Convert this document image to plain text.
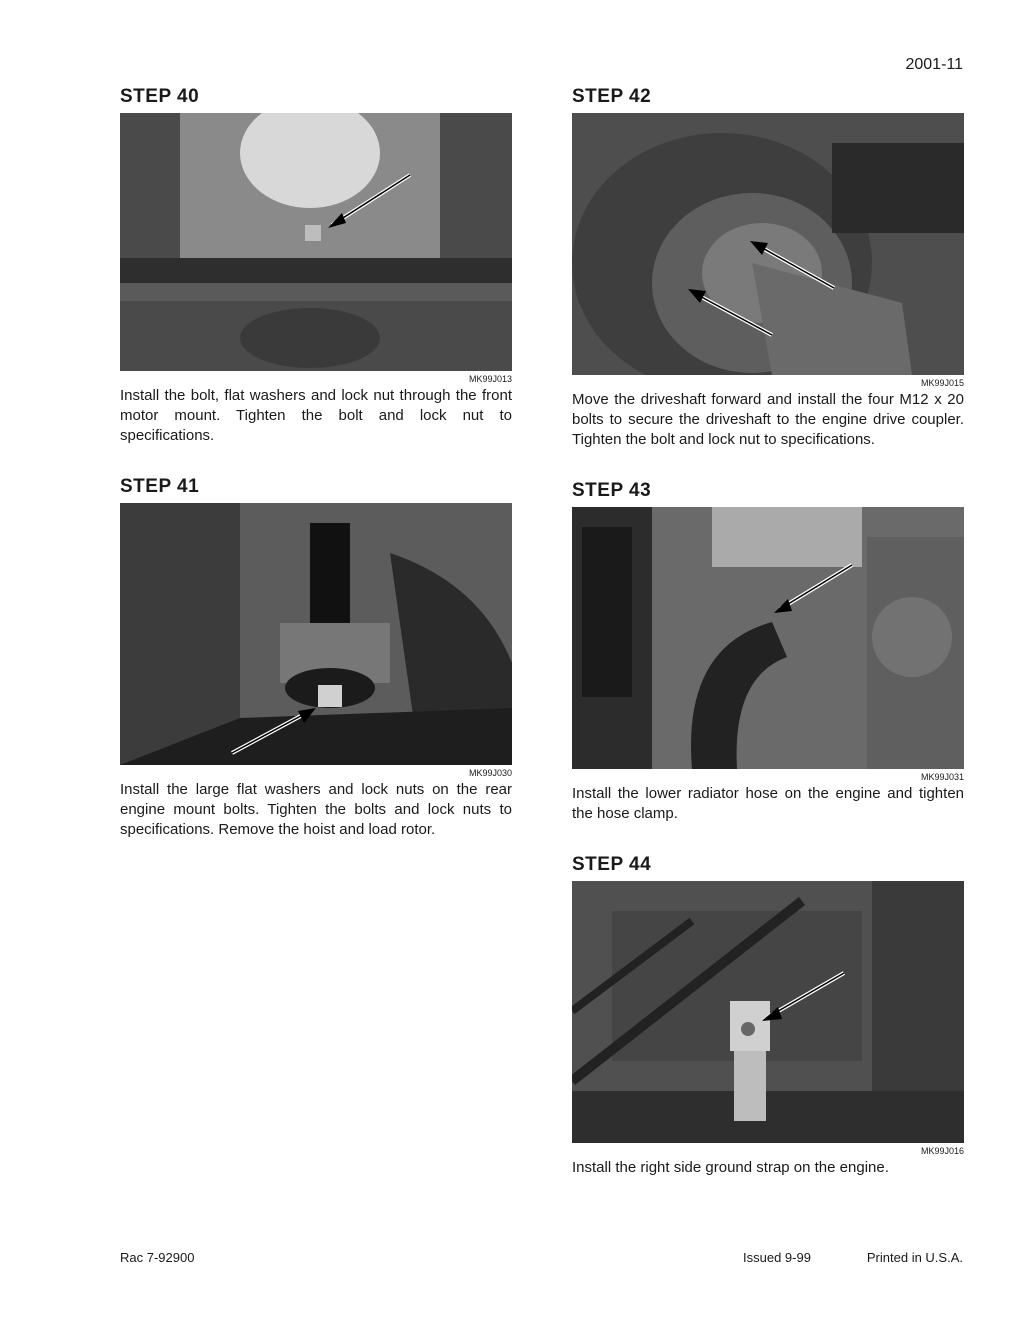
2001-11
STEP 40
MK99J013
Install the bolt, flat washers and lock nut through the front motor mount. Tighten the bolt and lock nut to specifications.
STEP 41
MK99J030
Install the large flat washers and lock nuts on the rear engine mount bolts. Tighten the bolts and lock nuts to specifications. Remove the hoist and load rotor.
STEP 42
MK99J015
Move the driveshaft forward and install the four M12 x 20 bolts to secure the driveshaft to the engine drive coupler. Tighten the bolt and lock nut to specifications.
STEP 43
MK99J031
Install the lower radiator hose on the engine and tighten the hose clamp.
STEP 44
MK99J016
Install the right side ground strap on the engine.
Rac 7-92900	Issued 9-99	Printed in U.S.A.
